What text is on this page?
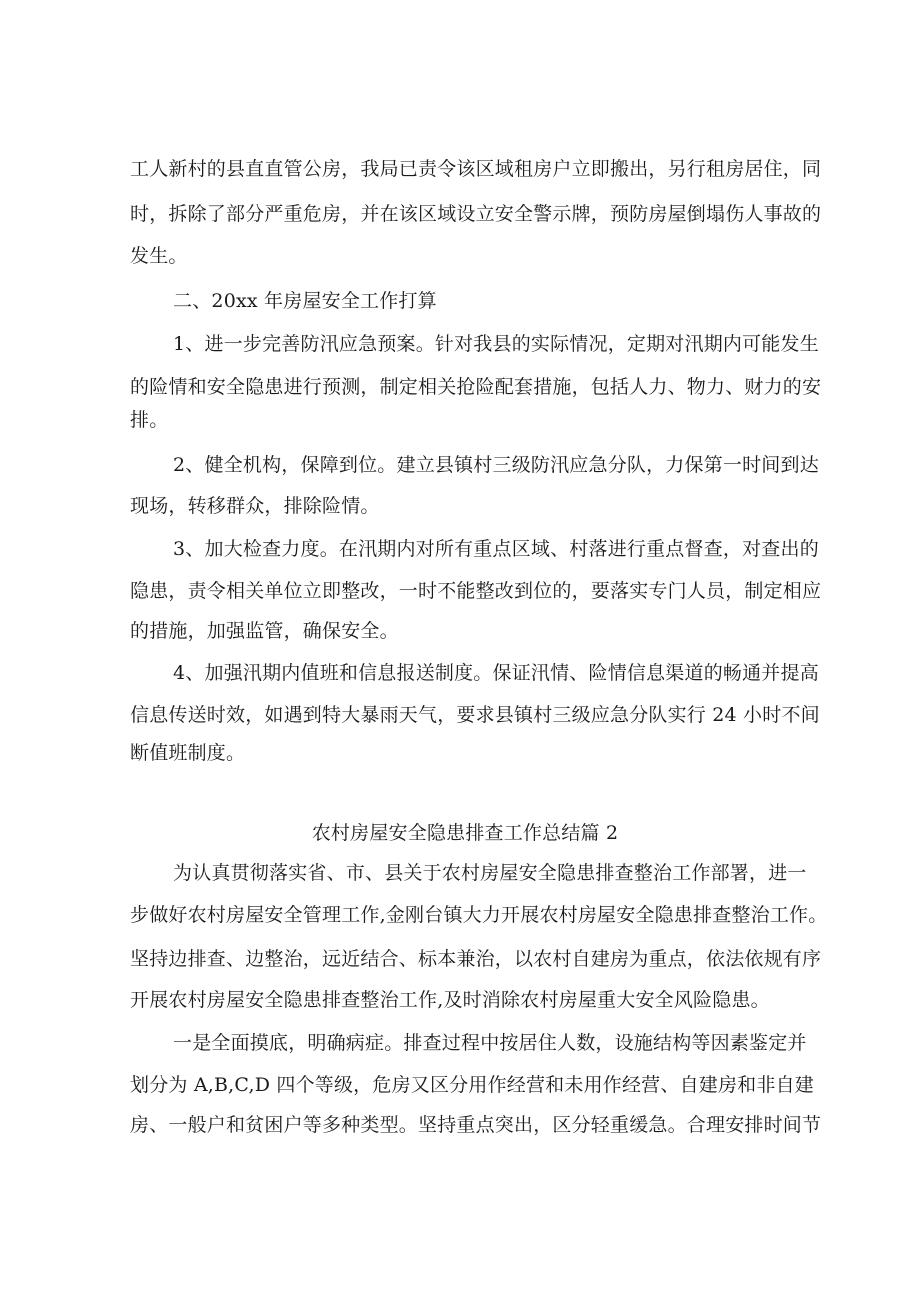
工人新村的县直直管公房，我局已责令该区域租房户立即搬出，另行租房居住，同
时，拆除了部分严重危房，并在该区域设立安全警示牌，预防房屋倒塌伤人事故的
发生。
二、20xx 年房屋安全工作打算
1、进一步完善防汛应急预案。针对我县的实际情况，定期对汛期内可能发生
的险情和安全隐患进行预测，制定相关抢险配套措施，包括人力、物力、财力的安
排。
2、健全机构，保障到位。建立县镇村三级防汛应急分队，力保第一时间到达
现场，转移群众，排除险情。
3、加大检查力度。在汛期内对所有重点区域、村落进行重点督查，对查出的
隐患，责令相关单位立即整改，一时不能整改到位的，要落实专门人员，制定相应
的措施，加强监管，确保安全。
4、加强汛期内值班和信息报送制度。保证汛情、险情信息渠道的畅通并提高
信息传送时效，如遇到特大暴雨天气，要求县镇村三级应急分队实行 24 小时不间
断值班制度。
农村房屋安全隐患排查工作总结篇 2
为认真贯彻落实省、市、县关于农村房屋安全隐患排查整治工作部署，进一
步做好农村房屋安全管理工作,金刚台镇大力开展农村房屋安全隐患排查整治工作。
坚持边排查、边整治，远近结合、标本兼治，以农村自建房为重点，依法依规有序
开展农村房屋安全隐患排查整治工作,及时消除农村房屋重大安全风险隐患。
一是全面摸底，明确病症。排查过程中按居住人数，设施结构等因素鉴定并
划分为 A,B,C,D 四个等级，危房又区分用作经营和未用作经营、自建房和非自建
房、一般户和贫困户等多种类型。坚持重点突出，区分轻重缓急。合理安排时间节
